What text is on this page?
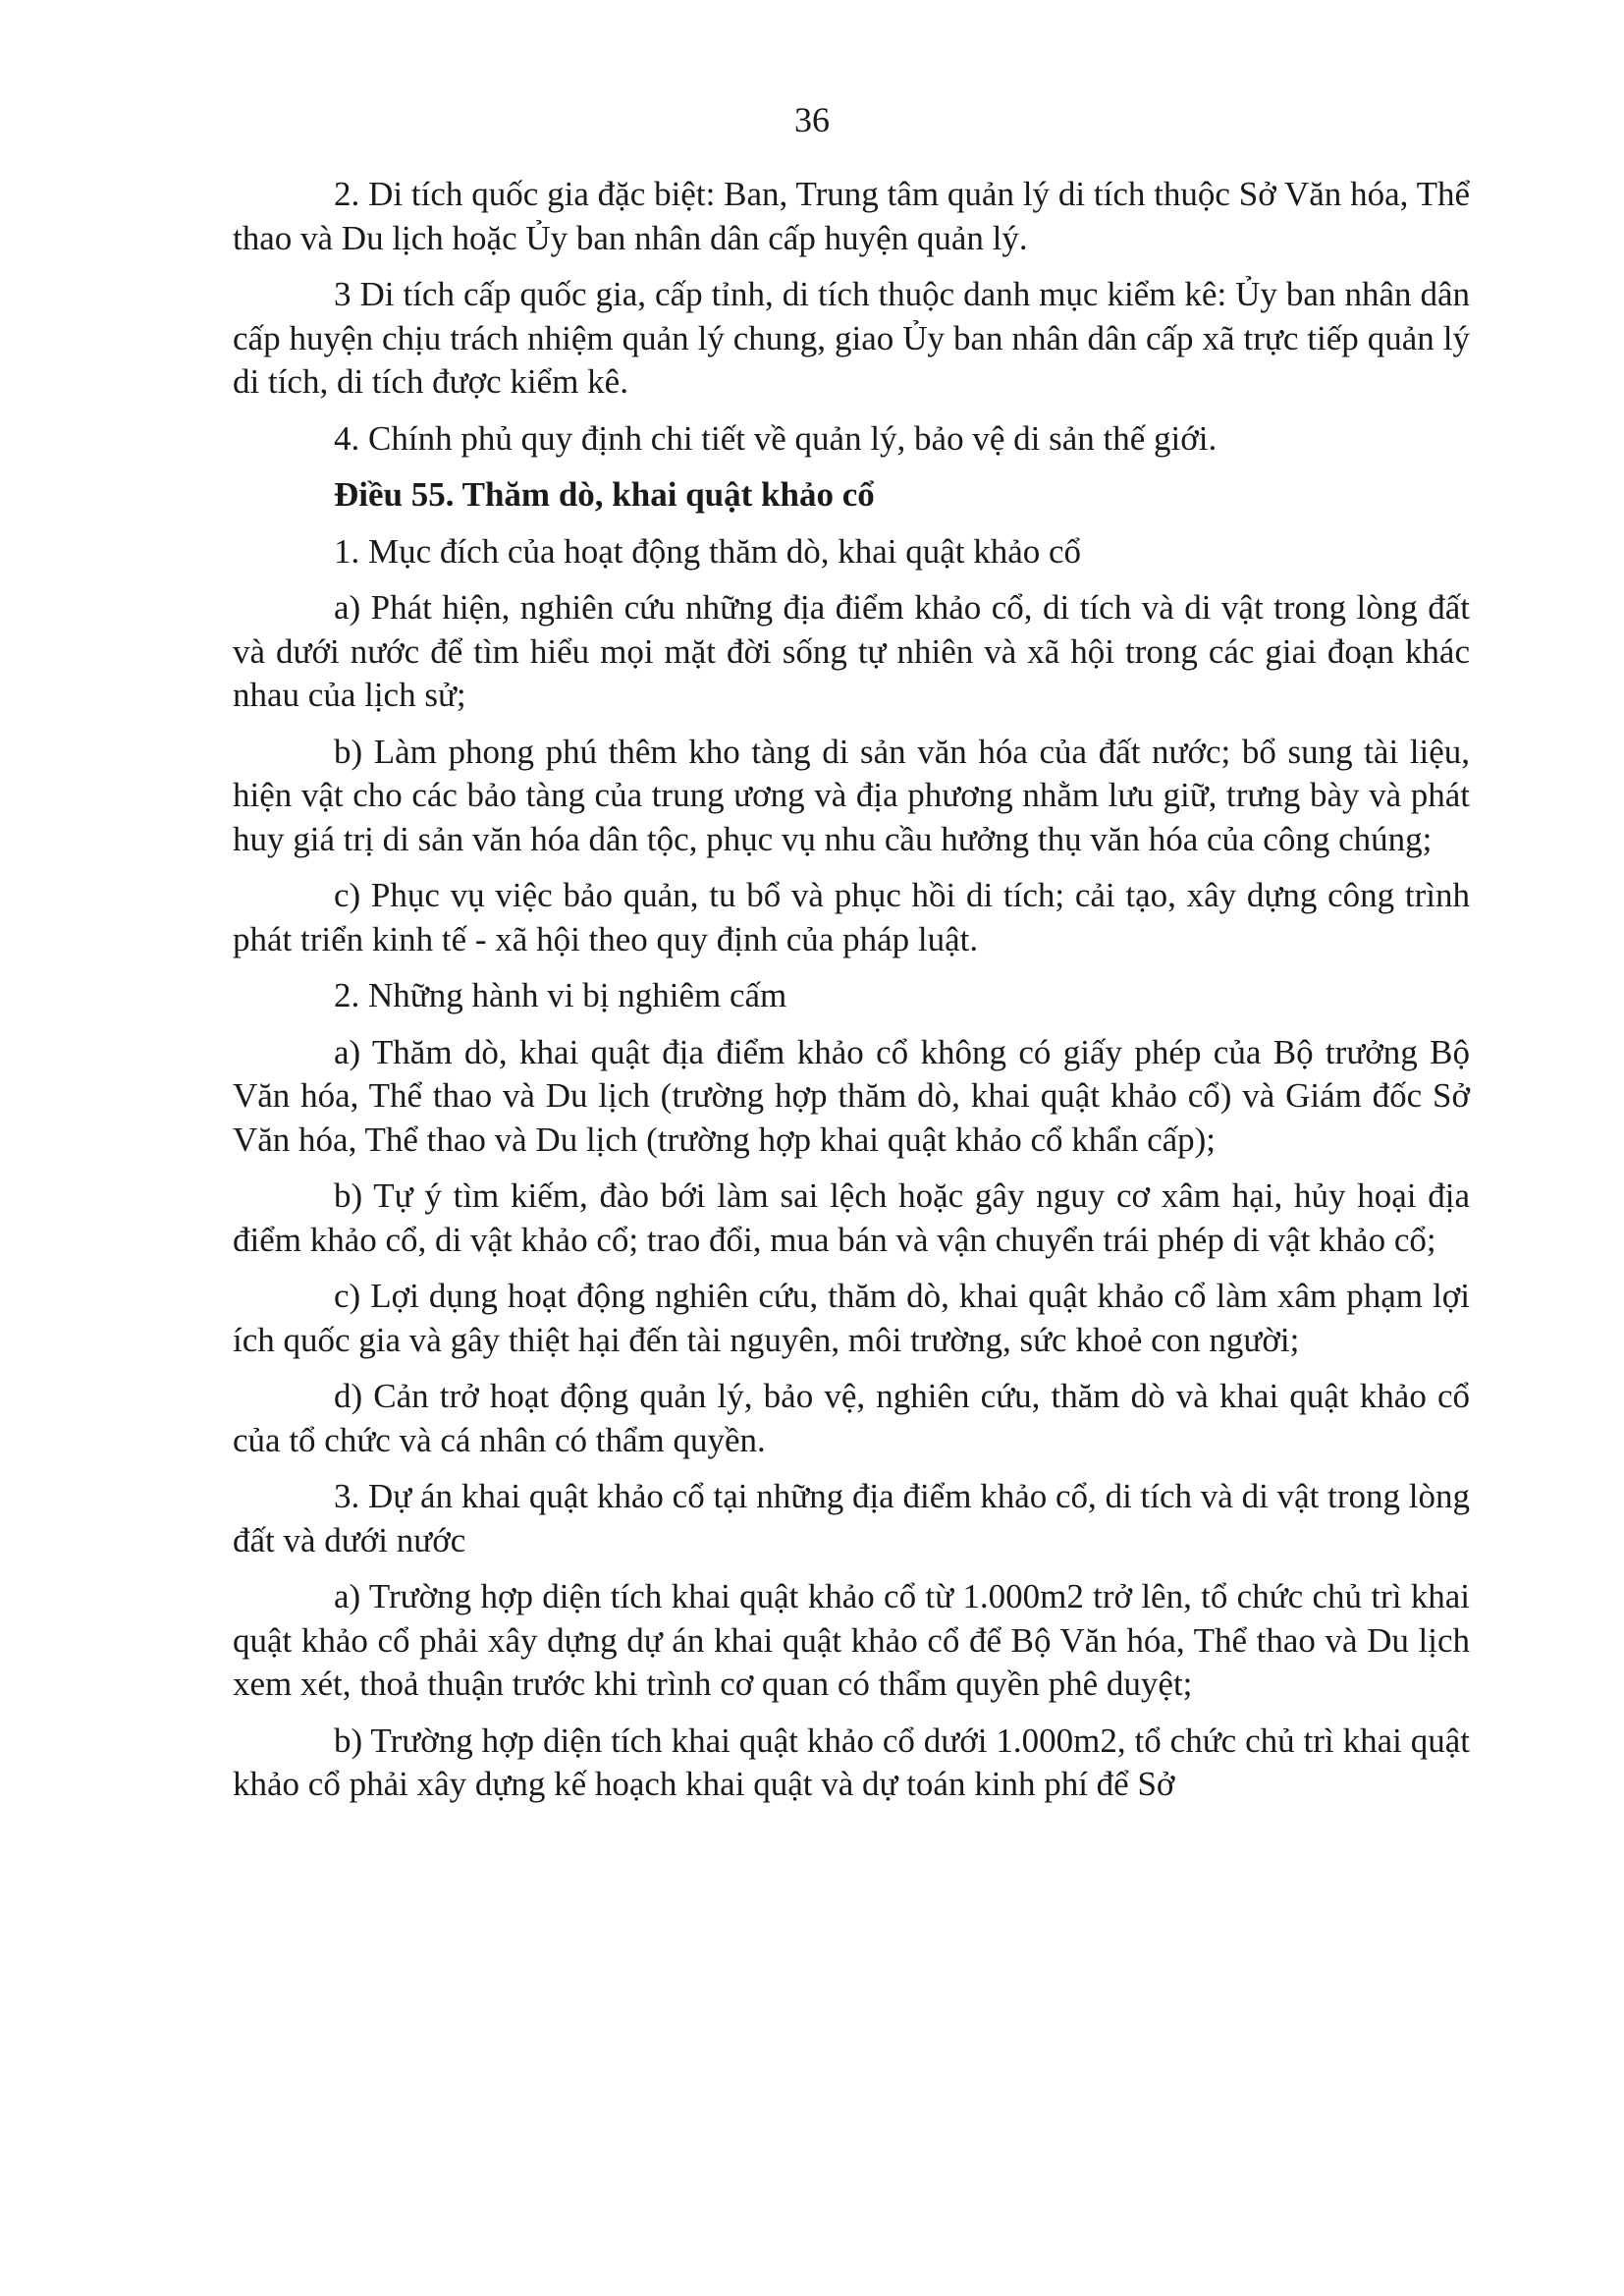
36

2. Di tích quốc gia đặc biệt: Ban, Trung tâm quản lý di tích thuộc Sở Văn hóa, Thể thao và Du lịch hoặc Ủy ban nhân dân cấp huyện quản lý.

3 Di tích cấp quốc gia, cấp tỉnh, di tích thuộc danh mục kiểm kê: Ủy ban nhân dân cấp huyện chịu trách nhiệm quản lý chung, giao Ủy ban nhân dân cấp xã trực tiếp quản lý di tích, di tích được kiểm kê.

4. Chính phủ quy định chi tiết về quản lý, bảo vệ di sản thế giới.

Điều 55. Thăm dò, khai quật khảo cổ

1. Mục đích của hoạt động thăm dò, khai quật khảo cổ

a) Phát hiện, nghiên cứu những địa điểm khảo cổ, di tích và di vật trong lòng đất và dưới nước để tìm hiểu mọi mặt đời sống tự nhiên và xã hội trong các giai đoạn khác nhau của lịch sử;

b) Làm phong phú thêm kho tàng di sản văn hóa của đất nước; bổ sung tài liệu, hiện vật cho các bảo tàng của trung ương và địa phương nhằm lưu giữ, trưng bày và phát huy giá trị di sản văn hóa dân tộc, phục vụ nhu cầu hưởng thụ văn hóa của công chúng;

c) Phục vụ việc bảo quản, tu bổ và phục hồi di tích; cải tạo, xây dựng công trình phát triển kinh tế - xã hội theo quy định của pháp luật.

2. Những hành vi bị nghiêm cấm

a) Thăm dò, khai quật địa điểm khảo cổ không có giấy phép của Bộ trưởng Bộ Văn hóa, Thể thao và Du lịch (trường hợp thăm dò, khai quật khảo cổ) và Giám đốc Sở Văn hóa, Thể thao và Du lịch (trường hợp khai quật khảo cổ khẩn cấp);

b) Tự ý tìm kiếm, đào bới làm sai lệch hoặc gây nguy cơ xâm hại, hủy hoại địa điểm khảo cổ, di vật khảo cổ; trao đổi, mua bán và vận chuyển trái phép di vật khảo cổ;

c) Lợi dụng hoạt động nghiên cứu, thăm dò, khai quật khảo cổ làm xâm phạm lợi ích quốc gia và gây thiệt hại đến tài nguyên, môi trường, sức khoẻ con người;

d) Cản trở hoạt động quản lý, bảo vệ, nghiên cứu, thăm dò và khai quật khảo cổ của tổ chức và cá nhân có thẩm quyền.

3. Dự án khai quật khảo cổ tại những địa điểm khảo cổ, di tích và di vật trong lòng đất và dưới nước

a) Trường hợp diện tích khai quật khảo cổ từ 1.000m2 trở lên, tổ chức chủ trì khai quật khảo cổ phải xây dựng dự án khai quật khảo cổ để Bộ Văn hóa, Thể thao và Du lịch xem xét, thoả thuận trước khi trình cơ quan có thẩm quyền phê duyệt;

b) Trường hợp diện tích khai quật khảo cổ dưới 1.000m2, tổ chức chủ trì khai quật khảo cổ phải xây dựng kế hoạch khai quật và dự toán kinh phí để Sở
